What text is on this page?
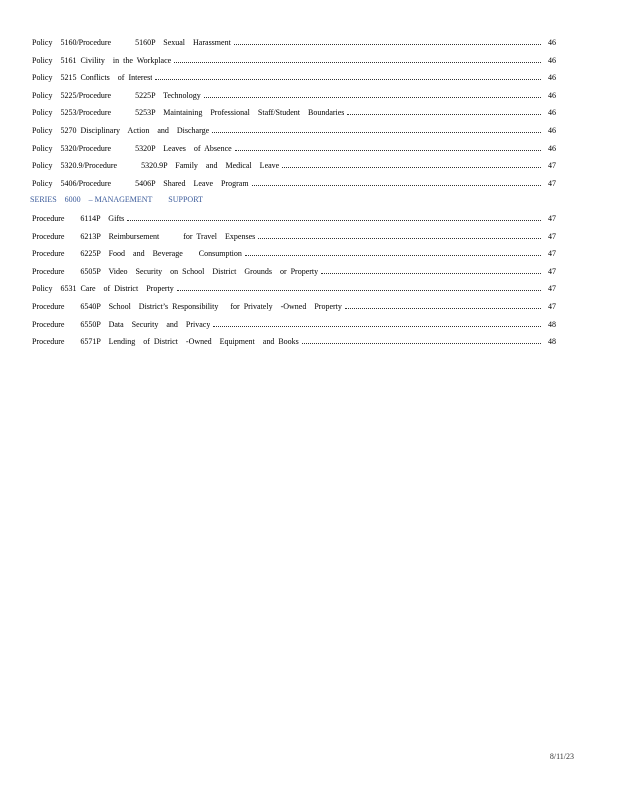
Policy    5160/Procedure            5160P    Sexual    Harassment	46
Policy    5161  Civility    in  the  Workplace	46
Policy    5215  Conflicts    of  Interest	46
Policy    5225/Procedure            5225P    Technology	46
Policy    5253/Procedure            5253P    Maintaining    Professional    Staff/Student    Boundaries	46
Policy    5270  Disciplinary    Action    and    Discharge	46
Policy    5320/Procedure            5320P    Leaves    of  Absence	46
Policy    5320.9/Procedure            5320.9P    Family    and    Medical    Leave	47
Policy    5406/Procedure            5406P    Shared    Leave    Program	47
SERIES    6000    – MANAGEMENT        SUPPORT
Procedure        6114P    Gifts	47
Procedure        6213P    Reimbursement            for  Travel    Expenses	47
Procedure        6225P    Food    and    Beverage        Consumption	47
Procedure        6505P    Video    Security    on  School    District    Grounds    or  Property	47
Policy    6531  Care    of  District    Property	47
Procedure        6540P    School    District’s  Responsibility      for  Privately    -Owned    Property	47
Procedure        6550P    Data    Security    and    Privacy	48
Procedure        6571P    Lending    of  District    -Owned    Equipment    and  Books	48
8/11/23
